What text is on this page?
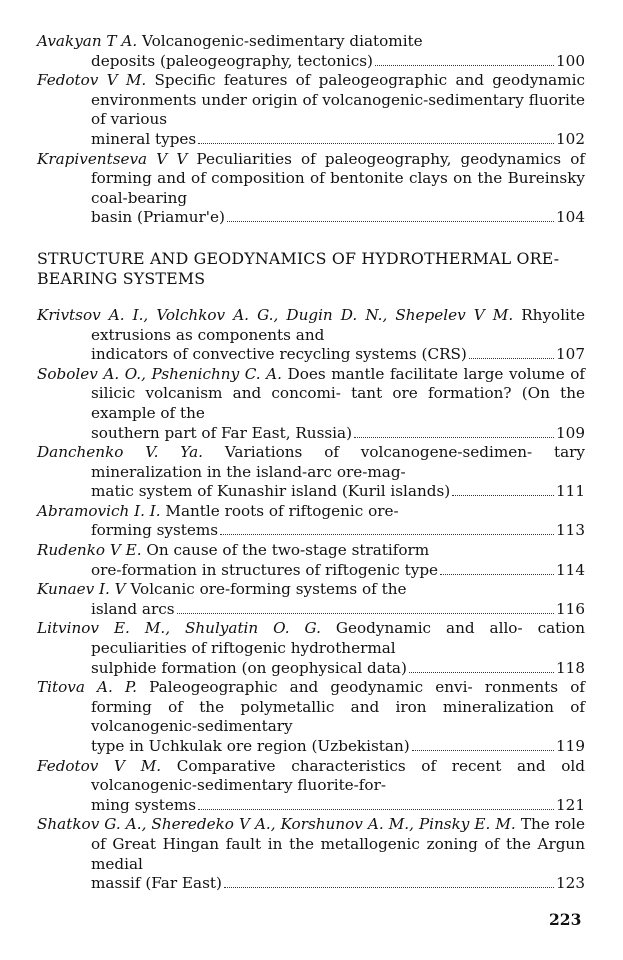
Avakyan T A. Volcanogenic-sedimentary diatomite
deposits (paleogeography, tectonics)	100

Fedotov V M. Specific features of paleogeographic and geodynamic environments under origin of volcanogenic-sedimentary fluorite of various
mineral types	102

Krapiventseva V V Peculiarities of paleogeography, geodynamics of forming and of composition of bentonite clays on the Bureinsky coal-bearing
basin (Priamur'e)	104

STRUCTURE AND GEODYNAMICS OF HYDROTHERMAL ORE-BEARING SYSTEMS

Krivtsov A. I., Volchkov A. G., Dugin D. N., Shepelev V M. Rhyolite extrusions as components and
indicators of convective recycling systems (CRS)	107

Sobolev A. O., Pshenichny C. A. Does mantle facilitate large volume of silicic volcanism and concomi- tant ore formation? (On the example of the
southern part of Far East, Russia)	109

Danchenko V. Ya. Variations of volcanogene-sedimen- tary mineralization in the island-arc ore-mag-
matic system of Kunashir island (Kuril islands)	111

Abramovich I. I. Mantle roots of riftogenic ore-
forming systems	113

Rudenko V E. On cause of the two-stage stratiform
ore-formation in structures of riftogenic type	114

Kunaev I. V Volcanic ore-forming systems of the
island arcs	116

Litvinov E. M., Shulyatin O. G. Geodynamic and allo- cation peculiarities of riftogenic hydrothermal
sulphide formation (on geophysical data)	118

Titova A. P. Paleogeographic and geodynamic envi- ronments of forming of the polymetallic and iron mineralization of volcanogenic-sedimentary
type in Uchkulak ore region (Uzbekistan)	119

Fedotov V M. Comparative characteristics of recent and old volcanogenic-sedimentary fluorite-for-
ming systems	121

Shatkov G. A., Sheredeko V A., Korshunov A. M., Pinsky E. M. The role of Great Hingan fault in the metallogenic zoning of the Argun medial
massif (Far East)	123

223
